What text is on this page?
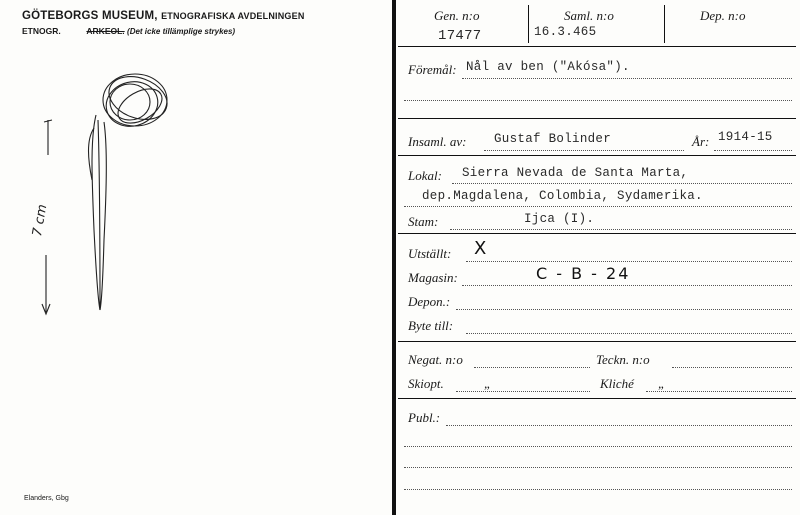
GÖTEBORGS MUSEUM, ETNOGRAFISKA AVDELNINGEN
ETNOGR.	ARKEOL. (Det icke tillämplige strykes)
7 cm
Elanders, Gbg
Gen. n:o
17477
Saml. n:o
16.3.465
Dep. n:o
Föremål: Nål av ben ("Akósa").
Insaml. av: Gustaf Bolinder	År: 1914-15
Lokal: Sierra Nevada de Santa Marta,
dep.Magdalena, Colombia, Sydamerika.
Stam:	Ijca (I).
Utställt: X
Magasin:	C - B - 24
Depon.:
Byte till:
Negat. n:o	Teckn. n:o
Skiopt.	„	Kliché „
Publ.:
